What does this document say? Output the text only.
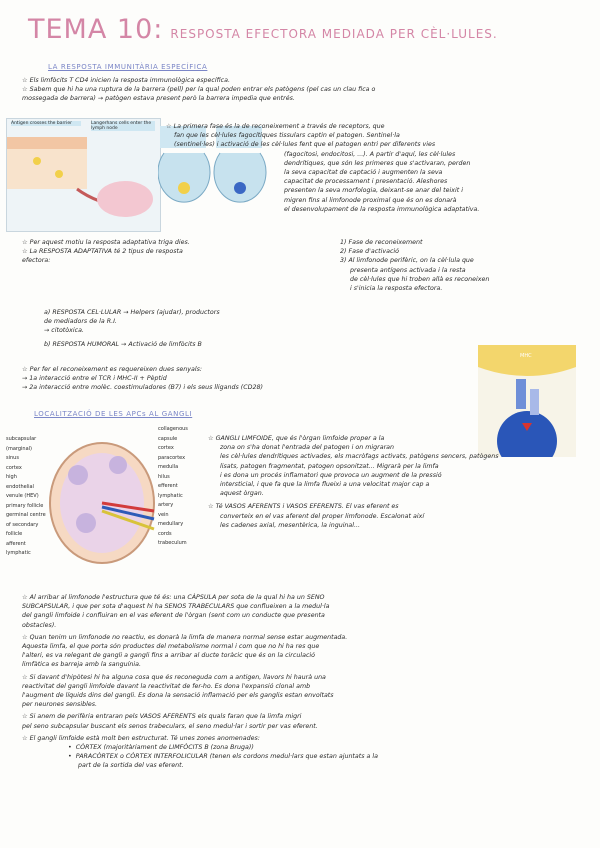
TEMA 10: RESPOSTA EFECTORA MEDIADA PER CÈL·LULES.
LA RESPOSTA IMMUNITÀRIA ESPECÍFICA
☆ Els limfòcits T CD4 inicien la resposta immunològica específica.
☆ Sabem que hi ha una ruptura de la barrera (pell) per la qual poden entrar els patògens (pel cas un clau fica o
mossegada de barrera) → patògen estava present però la barrera impedia que entrés.
Antigen crosses the barrier	Langerhans cells enter the lymph node	☆ La primera fase és la de reconeixement a través de receptors, que
fan que les cèl·lules fagocítiques tissulars captin el patogen. Sentinel·la
(sentinel·les) i activació de les cèl·lules fent que el patogen entri per diferents vies
(fagocitosi, endocitosi, ...). A partir d'aquí, les cèl·lules
dendrítiques, que són les primeres que s'activaran, perden
la seva capacitat de captació i augmenten la seva
capacitat de processament i presentació. Aleshores
presenten la seva morfologia, deixant-se anar del teixit i
migren fins al limfonode proximal que és on es donarà
el desenvolupament de la resposta immunològica adaptativa.
☆ Per aquest motiu la resposta adaptativa triga dies.
☆ La RESPOSTA ADAPTATIVA té 2 tipus de resposta
efectora:
1) Fase de reconeixement
2) Fase d'activació
3) Al limfonode perifèric, on la cèl·lula que
presenta antígens activada i la resta
de cèl·lules que hi troben allà es reconeixen
i s'inicia la resposta efectora.
a) RESPOSTA CEL·LULAR → Helpers (ajudar), productors
de mediadors de la R.I.
→ citotòxica.
b) RESPOSTA HUMORAL → Activació de limfòcits B
☆ Per fer el reconeixement es requereixen dues senyals:
→ 1a interacció entre el TCR i MHC-II + Pèptid
→ 2a interacció entre molèc. coestimuladores (B7) i els seus lligands (CD28)
MHC
LOCALITZACIÓ DE LES APCs AL GANGLI
subcapsular (marginal) sinus
cortex
high endothelial venule (HEV)
primary follicle
germinal centre of secondary follicle
afferent lymphatic
collagenous capsule
cortex
paracortex
medulla
hilus
efferent lymphatic
artery
vein
medullary cords
trabeculum
☆ GANGLI LIMFOIDE, que és l'òrgan limfoide proper a la
zona on s'ha donat l'entrada del patogen i on migraran
les cèl·lules dendrítiques activades, els macròfags activats, patògens sencers, patògens
lisats, patogen fragmentat, patogen opsonitzat... Migrarà per la limfa
i es dona un procés inflamatori que provoca un augment de la pressió
intersticial, i que fa que la limfa flueixi a una velocitat major cap a
aquest òrgan.
☆ Té VASOS AFERENTS i VASOS EFERENTS. El vas eferent es
converteix en el vas aferent del proper limfonode. Escalonat així
les cadenes axial, mesentèrica, la inguinal...
☆ Al arribar al limfonode l'estructura que té és: una CÀPSULA per sota de la qual hi ha un SENO
SUBCAPSULAR, i que per sota d'aquest hi ha SENOS TRABECULARS que conflueixen a la medul·la
del gangli limfoide i confluiran en el vas eferent de l'òrgan (sent com un conducte que presenta
obstacles).
☆ Quan tenim un limfonode no reactiu, es donarà la limfa de manera normal sense estar augmentada.
Aquesta limfa, el que porta són productes del metabolisme normal i com que no hi ha res que
l'alteri, es va relegant de gangli a gangli fins a arribar al ducte toràcic que és on la circulació
limfàtica es barreja amb la sanguínia.
☆ Si davant d'hipòtesi hi ha alguna cosa que és reconeguda com a antigen, llavors hi haurà una
reactivitat del gangli limfoide davant la reactivitat de fer-ho. Es dona l'expansió clonal amb
l'augment de líquids dins del gangli. Es dona la sensació inflamació per els ganglis estan envoltats
per neurones sensibles.
☆ Si anem de perifèria entraran pels VASOS AFERENTS els quals faran que la limfa migri
pel seno subcapsular buscant els senos trabeculars, el seno medul·lar i sortir per vas eferent.
☆ El gangli limfoide està molt ben estructurat. Té unes zones anomenades:
• CÒRTEX (majoritàriament de LIMFÒCITS B (zona Bruga))
• PARACÒRTEX o CÒRTEX INTERFOLICULAR (tenen els cordons medul·lars que estan ajuntats a la
part de la sortida del vas eferent.
